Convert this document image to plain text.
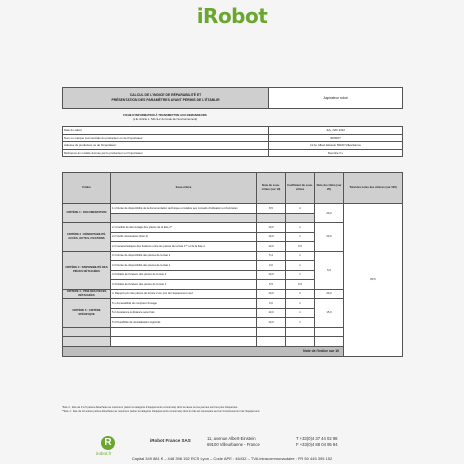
iRobot
CALCUL DE L'INDICE DE RÉPARABILITÉ ET
PRÉSENTATION DES PARAMÈTRES AYANT PERMIS DE L'ÉTABLIR	Aspirateur robot
FICHE D'INFORMATION À TRANSMETTRE AUX DEMANDEURS
(L.E. Article L. 541-9-2 du Code de l'environnement)
Date du calcul	July, 22th 2022
Nom ou marque commerciale du producteur ou de l'importateur	IROBOT
Adresse du producteur ou de l'importateur	11 Av. Albert Einstein 69100 Villeurbanne
Référence du modèle donnée par le producteur ou l'importateur	Roomba i7+
Critère	Sous-critère	Note du sous-critère (sur 10)	Coefficient du sous-critère	Note du critère (sur 20)	Total des notes des critères (sur 100)	
CRITÈRE 1 : DOCUMENTATION	1.1 Durée de disponibilité de la documentation technique et relative aux conseils d'utilisation et d'entretien	8,5	2	20,0	80,5	

CRITÈRE 2 : DÉMONTABILITÉ, ACCÈS, OUTILS, FIXATIONS	2.1 Facilité de démontage des pièces de la liste 2*	10,0	1	20,0		
	2.2 Outils nécessaires (liste 2)	10,0	1			
	2.3 Caractéristiques des fixations entre les pièces de la liste 1** et de la liste 2	10,0	0,5			
CRITÈRE 3 : DISPONIBILITÉ DES PIÈCES DÉTACHÉES	3.1 Durée de disponibilité des pièces de la liste 2	5,4	1	5,6		
	3.2 Durée de disponibilité des pièces de la liste 1	0,0	1			
	3.3 Délais de livraison des pièces de la liste 2	10,0	1			
	3.4 Délais de livraison des pièces de la liste 1	5,5	0,5			
CRITÈRE 4 : PRIX DES PIÈCES DÉTACHÉES	4. Rapport prix des pièces de la liste 2 sur prix de l'équipement neuf	10,0	2	20,0		
CRITÈRE 5 : CRITÈRE SPÉCIFIQUE	5.1 Accessibilité du compteur d'usage	0,0	1	15,0		
	5.2 Assistance à distance sans frais	10,0	1			
	5.3 Possibilité de réinitialisation logicielle	10,0	1			

Note de l'indice sur 10	
*liste 2 : liste de 3 à 5 pièces détachées au maximum (selon la catégorie d'équipements concernée) dont la casse ou les pannes sont les plus fréquentes.
**liste 1 : liste de 10 autres pièces détachées au maximum (selon la catégorie d'équipements concernée) dont le rôle est nécessaire au bon fonctionnement de l'équipement.
R
irobot.fr
iRobot France SAS	11, avenue Albert-Einstein
69100 Villeurbanne - France
T +33(0)4 37 44 02 98
F +33(0)4 88 04 95 94
Capital 349 881 € – 448 398 152 RCS Lyon – Code APE : 4643Z – TVA intracommunautaire : FR 50 445 395 152
